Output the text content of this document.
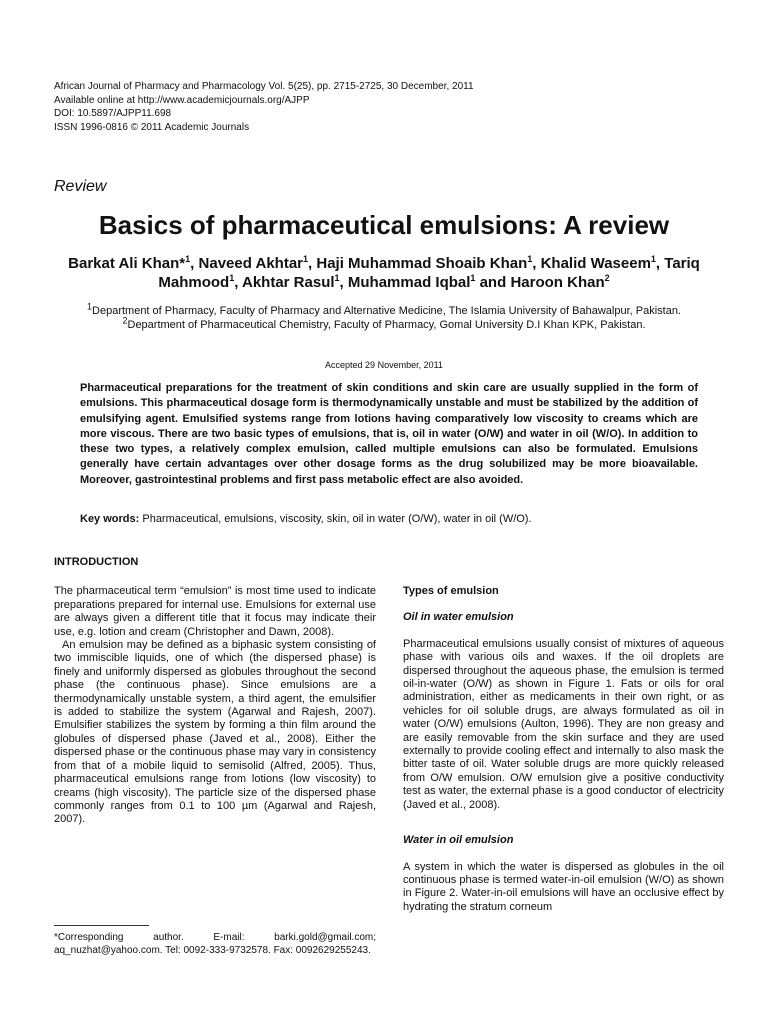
African Journal of Pharmacy and Pharmacology Vol. 5(25), pp. 2715-2725, 30 December, 2011
Available online at http://www.academicjournals.org/AJPP
DOI: 10.5897/AJPP11.698
ISSN 1996-0816 © 2011 Academic Journals
Review
Basics of pharmaceutical emulsions: A review
Barkat Ali Khan*$^1$, Naveed Akhtar$^1$, Haji Muhammad Shoaib Khan$^1$, Khalid Waseem$^1$, Tariq Mahmood$^1$, Akhtar Rasul$^1$, Muhammad Iqbal$^1$ and Haroon Khan$^2$
$^1$Department of Pharmacy, Faculty of Pharmacy and Alternative Medicine, The Islamia University of Bahawalpur, Pakistan.
$^2$Department of Pharmaceutical Chemistry, Faculty of Pharmacy, Gomal University D.I Khan KPK, Pakistan.
Accepted 29 November, 2011
Pharmaceutical preparations for the treatment of skin conditions and skin care are usually supplied in the form of emulsions. This pharmaceutical dosage form is thermodynamically unstable and must be stabilized by the addition of emulsifying agent. Emulsified systems range from lotions having comparatively low viscosity to creams which are more viscous. There are two basic types of emulsions, that is, oil in water (O/W) and water in oil (W/O). In addition to these two types, a relatively complex emulsion, called multiple emulsions can also be formulated. Emulsions generally have certain advantages over other dosage forms as the drug solubilized may be more bioavailable. Moreover, gastrointestinal problems and first pass metabolic effect are also avoided.
Key words: Pharmaceutical, emulsions, viscosity, skin, oil in water (O/W), water in oil (W/O).
INTRODUCTION

The pharmaceutical term “emulsion” is most time used to indicate preparations prepared for internal use. Emulsions for external use are always given a different title that it focus may indicate their use, e.g. lotion and cream (Christopher and Dawn, 2008).

An emulsion may be defined as a biphasic system consisting of two immiscible liquids, one of which (the dispersed phase) is finely and uniformly dispersed as globules throughout the second phase (the continuous phase). Since emulsions are a thermodynamically unstable system, a third agent, the emulsifier is added to stabilize the system (Agarwal and Rajesh, 2007). Emulsifier stabilizes the system by forming a thin film around the globules of dispersed phase (Javed et al., 2008). Either the dispersed phase or the continuous phase may vary in consistency from that of a mobile liquid to semisolid (Alfred, 2005). Thus, pharmaceutical emulsions range from lotions (low viscosity) to creams (high viscosity). The particle size of the dispersed phase commonly ranges from 0.1 to 100 µm (Agarwal and Rajesh, 2007).

Types of emulsion
Oil in water emulsion

Pharmaceutical emulsions usually consist of mixtures of aqueous phase with various oils and waxes. If the oil droplets are dispersed throughout the aqueous phase, the emulsion is termed oil-in-water (O/W) as shown in Figure 1. Fats or oils for oral administration, either as medicaments in their own right, or as vehicles for oil soluble drugs, are always formulated as oil in water (O/W) emulsions (Aulton, 1996). They are non greasy and are easily removable from the skin surface and they are used externally to provide cooling effect and internally to also mask the bitter taste of oil. Water soluble drugs are more quickly released from O/W emulsion. O/W emulsion give a positive conductivity test as water, the external phase is a good conductor of electricity (Javed et al., 2008).

Water in oil emulsion

A system in which the water is dispersed as globules in the oil continuous phase is termed water-in-oil emulsion (W/O) as shown in Figure 2. Water-in-oil emulsions will have an occlusive effect by hydrating the stratum corneum

*Corresponding author. E-mail: barki.gold@gmail.com; aq_nuzhat@yahoo.com. Tel: 0092-333-9732578. Fax: 0092629255243.
